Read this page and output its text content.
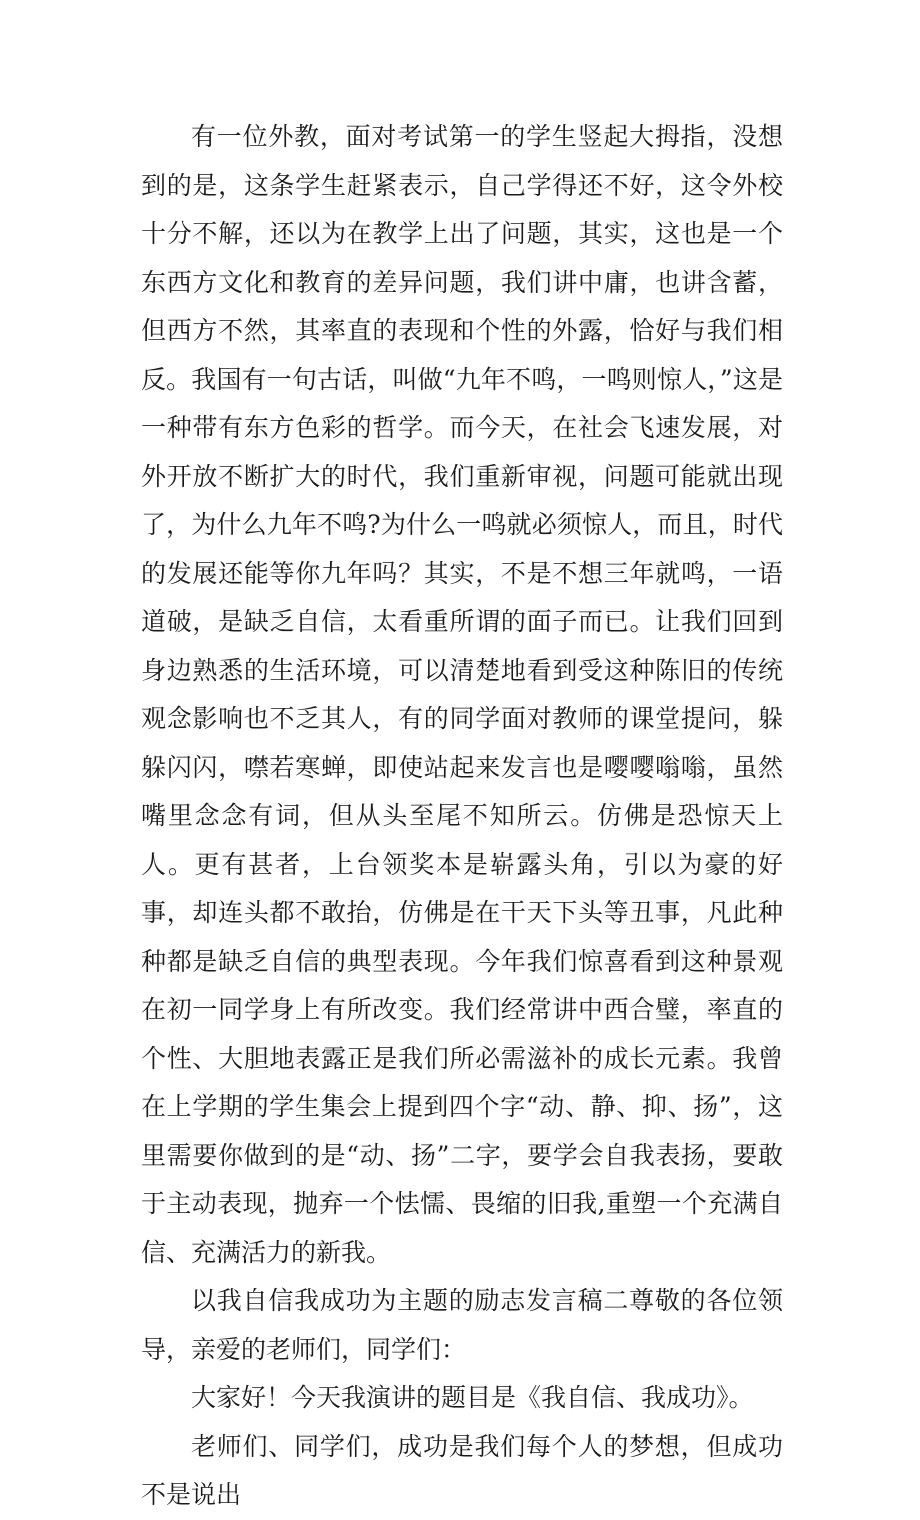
有一位外教，面对考试第一的学生竖起大拇指，没想到的是，这条学生赶紧表示，自己学得还不好，这令外校十分不解，还以为在教学上出了问题，其实，这也是一个东西方文化和教育的差异问题，我们讲中庸，也讲含蓄，但西方不然，其率直的表现和个性的外露，恰好与我们相反。我国有一句古话，叫做“九年不鸣，一鸣则惊人，”这是一种带有东方色彩的哲学。而今天，在社会飞速发展，对外开放不断扩大的时代，我们重新审视，问题可能就出现了，为什么九年不鸣?为什么一鸣就必须惊人，而且，时代的发展还能等你九年吗？其实，不是不想三年就鸣，一语道破，是缺乏自信，太看重所谓的面子而已。让我们回到身边熟悉的生活环境，可以清楚地看到受这种陈旧的传统观念影响也不乏其人，有的同学面对教师的课堂提问，躲躲闪闪，噤若寒蝉，即使站起来发言也是嘤嘤嗡嗡，虽然嘴里念念有词，但从头至尾不知所云。仿佛是恐惊天上人。更有甚者，上台领奖本是崭露头角，引以为豪的好事，却连头都不敢抬，仿佛是在干天下头等丑事，凡此种种都是缺乏自信的典型表现。今年我们惊喜看到这种景观在初一同学身上有所改变。我们经常讲中西合璧，率直的个性、大胆地表露正是我们所必需滋补的成长元素。我曾在上学期的学生集会上提到四个字“动、静、抑、扬”，这里需要你做到的是“动、扬”二字，要学会自我表扬，要敢于主动表现，抛弃一个怯懦、畏缩的旧我,重塑一个充满自信、充满活力的新我。

以我自信我成功为主题的励志发言稿二尊敬的各位领导，亲爱的老师们，同学们：

大家好！今天我演讲的题目是《我自信、我成功》。

老师们、同学们，成功是我们每个人的梦想，但成功不是说出
